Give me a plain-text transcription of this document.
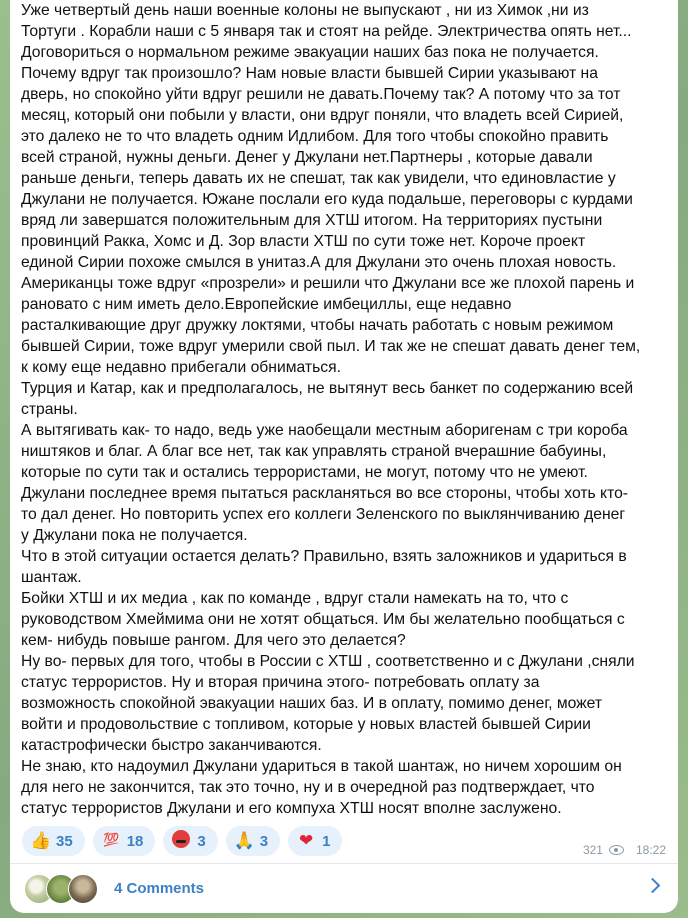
Уже четвертый день наши военные колоны не выпускают , ни из Химок ,ни из
Тортуги . Корабли наши с 5 января так и стоят на рейде. Электричества опять нет...
Договориться о нормальном режиме эвакуации наших баз пока не получается.
Почему вдруг так произошло? Нам новые власти бывшей Сирии указывают на
дверь, но спокойно уйти вдруг решили не давать.Почему так? А потому что за тот
месяц, который они побыли у власти, они вдруг поняли, что владеть всей Сирией,
это далеко не то что владеть одним Идлибом. Для того чтобы спокойно править
всей страной, нужны деньги. Денег у Джулани нет.Партнеры , которые давали
раньше деньги, теперь давать их не спешат, так как увидели, что единовластие у
Джулани не получается. Южане послали его куда подальше, переговоры с курдами
вряд ли завершатся положительным для ХТШ итогом. На территориях пустыни
провинций Ракка, Хомс и Д. Зор власти ХТШ по сути тоже нет. Короче проект
единой Сирии похоже смылся в унитаз.А для Джулани это очень плохая новость.
Американцы тоже вдруг «прозрели» и решили что Джулани все же плохой парень и
рановато с ним иметь дело.Европейские имбециллы, еще недавно
расталкивающие друг дружку локтями, чтобы начать работать с новым режимом
бывшей Сирии, тоже вдруг умерили свой пыл. И так же не спешат давать денег тем,
к кому еще недавно прибегали обниматься.
Турция и Катар, как и предполагалось, не вытянут весь банкет по содержанию всей
страны.
А вытягивать как- то надо, ведь уже наобещали местным аборигенам с три короба
ништяков и благ. А благ все нет, так как управлять страной вчерашние бабуины,
которые по сути так и остались террористами, не могут, потому что не умеют.
Джулани последнее время пытаться раскланяться во все стороны, чтобы хоть кто-
то дал денег. Но повторить успех его коллеги Зеленского по выклянчиванию денег
у Джулани пока не получается.
Что в этой ситуации остается делать? Правильно, взять заложников и удариться в
шантаж.
Бойки ХТШ и их медиа , как по команде , вдруг стали намекать на то, что с
руководством Хмеймима они не хотят общаться. Им бы желательно пообщаться с
кем- нибудь повыше рангом. Для чего это делается?
Ну во- первых для того, чтобы в России с ХТШ , соответственно и с Джулани ,сняли
статус террористов. Ну и вторая причина этого- потребовать оплату за
возможность спокойной эвакуации наших баз. И в оплату, помимо денег, может
войти и продовольствие с топливом, которые у новых властей бывшей Сирии
катастрофически быстро заканчиваются.
Не знаю, кто надоумил Джулани удариться в такой шантаж, но ничем хорошим он
для него не закончится, так это точно, ну и в очередной раз подтверждает, что
статус террористов Джулани и его компуха ХТШ носят вполне заслужено.

👍 35 💯 18	3 🙏 3 ❤ 1
321	18:22
4 Comments
